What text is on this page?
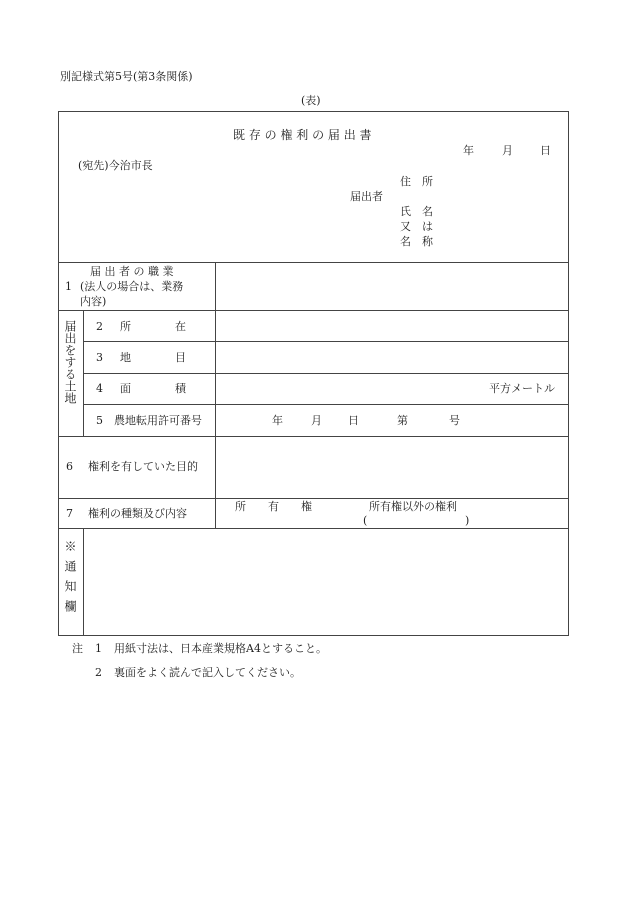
別記様式第5号(第3条関係)
(表)
既 存 の 権 利 の 届 出 書
年	月 日
(宛先)今治市長
住　所
届出者
氏　名
又　は
名　称
1
届 出 者 の 職 業
(法人の場合は、業務
内容)
届出をする土地 2 所　　　　在
3 地　　　　目
4 面　　　　積	平方メートル
5 農地転用許可番号	年	月 日	第	号
6 権利を有していた目的
7 権利の種類及び内容
所　　有　　権	所有権以外の権利
(	)
※通知欄
注 1 用紙寸法は、日本産業規格A4とすること。
2 裏面をよく読んで記入してください。
